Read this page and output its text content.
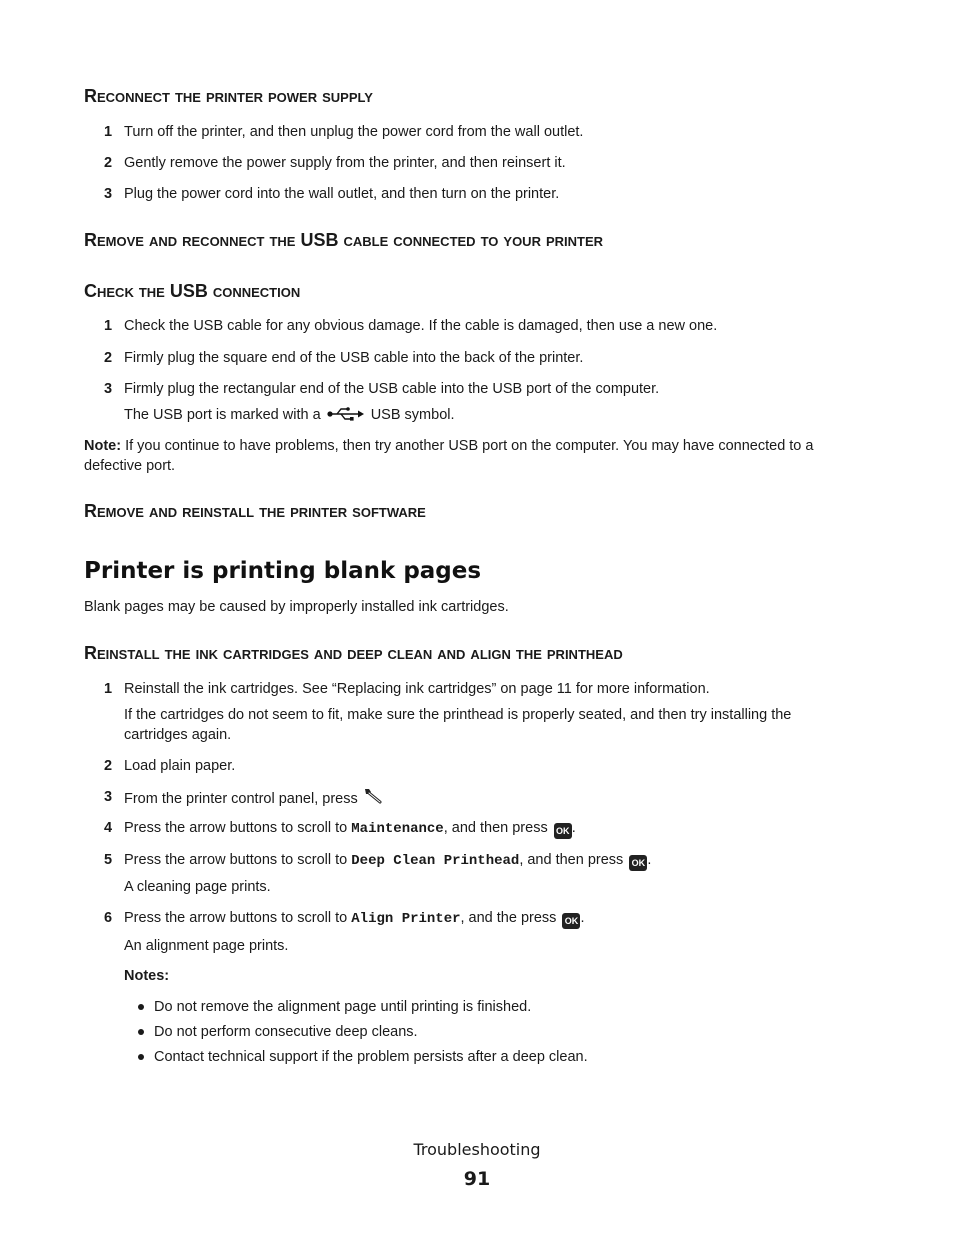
Reconnect the printer power supply
1 Turn off the printer, and then unplug the power cord from the wall outlet.
2 Gently remove the power supply from the printer, and then reinsert it.
3 Plug the power cord into the wall outlet, and then turn on the printer.
Remove and reconnect the USB cable connected to your printer
Check the USB connection
1 Check the USB cable for any obvious damage. If the cable is damaged, then use a new one.
2 Firmly plug the square end of the USB cable into the back of the printer.
3 Firmly plug the rectangular end of the USB cable into the USB port of the computer.
The USB port is marked with a	USB symbol.
Note: If you continue to have problems, then try another USB port on the computer. You may have connected to a defective port.
Remove and reinstall the printer software
Printer is printing blank pages
Blank pages may be caused by improperly installed ink cartridges.
Reinstall the ink cartridges and deep clean and align the printhead
1 Reinstall the ink cartridges. See “Replacing ink cartridges” on page 11 for more information.
If the cartridges do not seem to fit, make sure the printhead is properly seated, and then try installing the cartridges again.
2 Load plain paper.
3 From the printer control panel, press
4 Press the arrow buttons to scroll to Maintenance, and then press OK .
5 Press the arrow buttons to scroll to Deep Clean Printhead, and then press OK .
A cleaning page prints.
6 Press the arrow buttons to scroll to Align Printer, and the press OK .
An alignment page prints.
Notes:
Do not remove the alignment page until printing is finished.
Do not perform consecutive deep cleans.
Contact technical support if the problem persists after a deep clean.
Troubleshooting
91
